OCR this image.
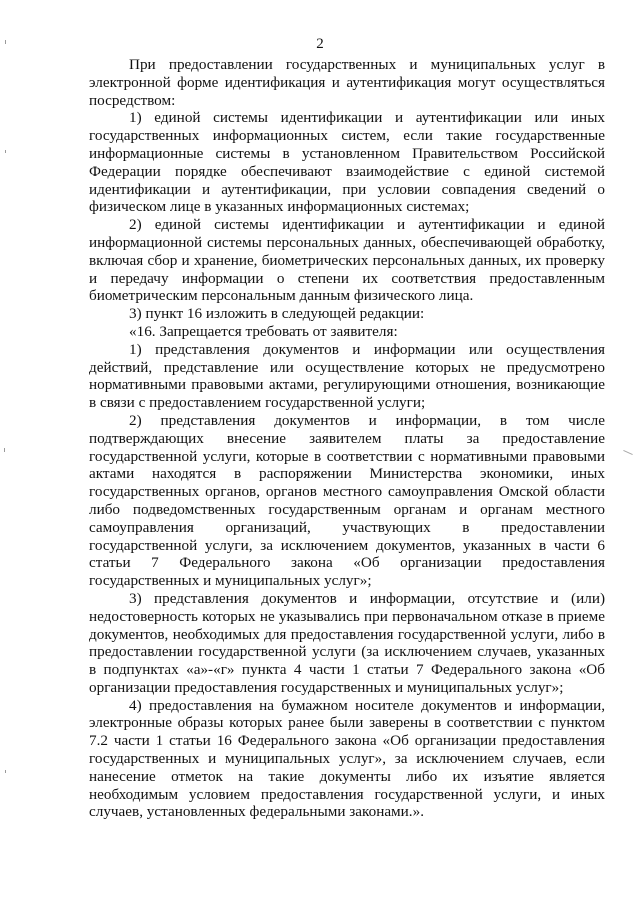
2

При предоставлении государственных и муниципальных услуг в электронной форме идентификация и аутентификация могут осуществляться посредством:

1) единой системы идентификации и аутентификации или иных государственных информационных систем, если такие государственные информационные системы в установленном Правительством Российской Федерации порядке обеспечивают взаимодействие с единой системой идентификации и аутентификации, при условии совпадения сведений о физическом лице в указанных информационных системах;

2) единой системы идентификации и аутентификации и единой информационной системы персональных данных, обеспечивающей обработку, включая сбор и хранение, биометрических персональных данных, их проверку и передачу информации о степени их соответствия предоставленным биометрическим персональным данным физического лица.

3) пункт 16 изложить в следующей редакции:

«16. Запрещается требовать от заявителя:

1) представления документов и информации или осуществления действий, представление или осуществление которых не предусмотрено нормативными правовыми актами, регулирующими отношения, возникающие в связи с предоставлением государственной услуги;

2) представления документов и информации, в том числе подтверждающих внесение заявителем платы за предоставление государственной услуги, которые в соответствии с нормативными правовыми актами находятся в распоряжении Министерства экономики, иных государственных органов, органов местного самоуправления Омской области либо подведомственных государственным органам и органам местного самоуправления организаций, участвующих в предоставлении государственной услуги, за исключением документов, указанных в части 6 статьи 7 Федерального закона «Об организации предоставления государственных и муниципальных услуг»;

3) представления документов и информации, отсутствие и (или) недостоверность которых не указывались при первоначальном отказе в приеме документов, необходимых для предоставления государственной услуги, либо в предоставлении государственной услуги (за исключением случаев, указанных в подпунктах «а»-«г» пункта 4 части 1 статьи 7 Федерального закона «Об организации предоставления государственных и муниципальных услуг»;

4) предоставления на бумажном носителе документов и информации, электронные образы которых ранее были заверены в соответствии с пунктом 7.2 части 1 статьи 16 Федерального закона «Об организации предоставления государственных и муниципальных услуг», за исключением случаев, если нанесение отметок на такие документы либо их изъятие является необходимым условием предоставления государственной услуги, и иных случаев, установленных федеральными законами.».
